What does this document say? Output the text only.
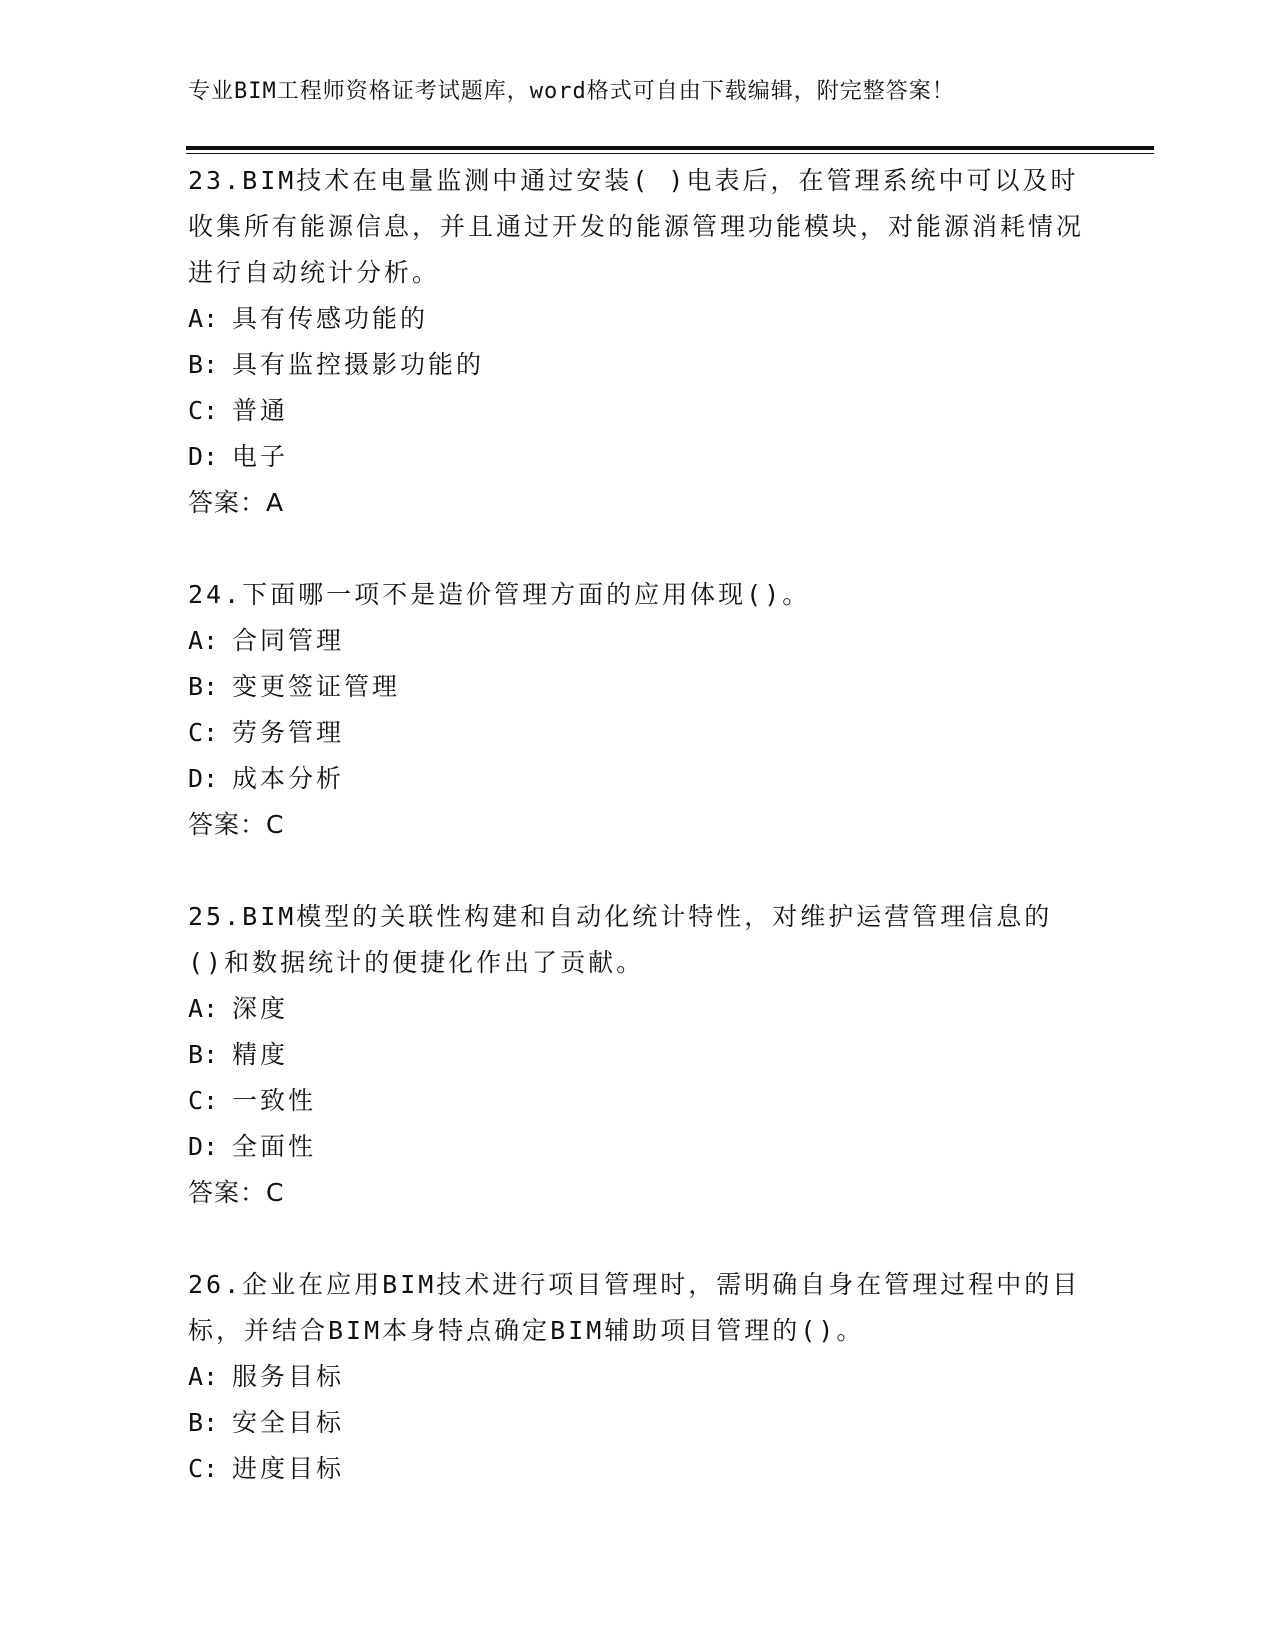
专业BIM工程师资格证考试题库，word格式可自由下载编辑，附完整答案！
23.BIM技术在电量监测中通过安装( )电表后，在管理系统中可以及时收集所有能源信息，并且通过开发的能源管理功能模块，对能源消耗情况进行自动统计分析。
A: 具有传感功能的
B: 具有监控摄影功能的
C: 普通
D: 电子
答案：A
24.下面哪一项不是造价管理方面的应用体现()。
A: 合同管理
B: 变更签证管理
C: 劳务管理
D: 成本分析
答案：C
25.BIM模型的关联性构建和自动化统计特性，对维护运营管理信息的()和数据统计的便捷化作出了贡献。
A: 深度
B: 精度
C: 一致性
D: 全面性
答案：C
26.企业在应用BIM技术进行项目管理时，需明确自身在管理过程中的目标，并结合BIM本身特点确定BIM辅助项目管理的()。
A: 服务目标
B: 安全目标
C: 进度目标
